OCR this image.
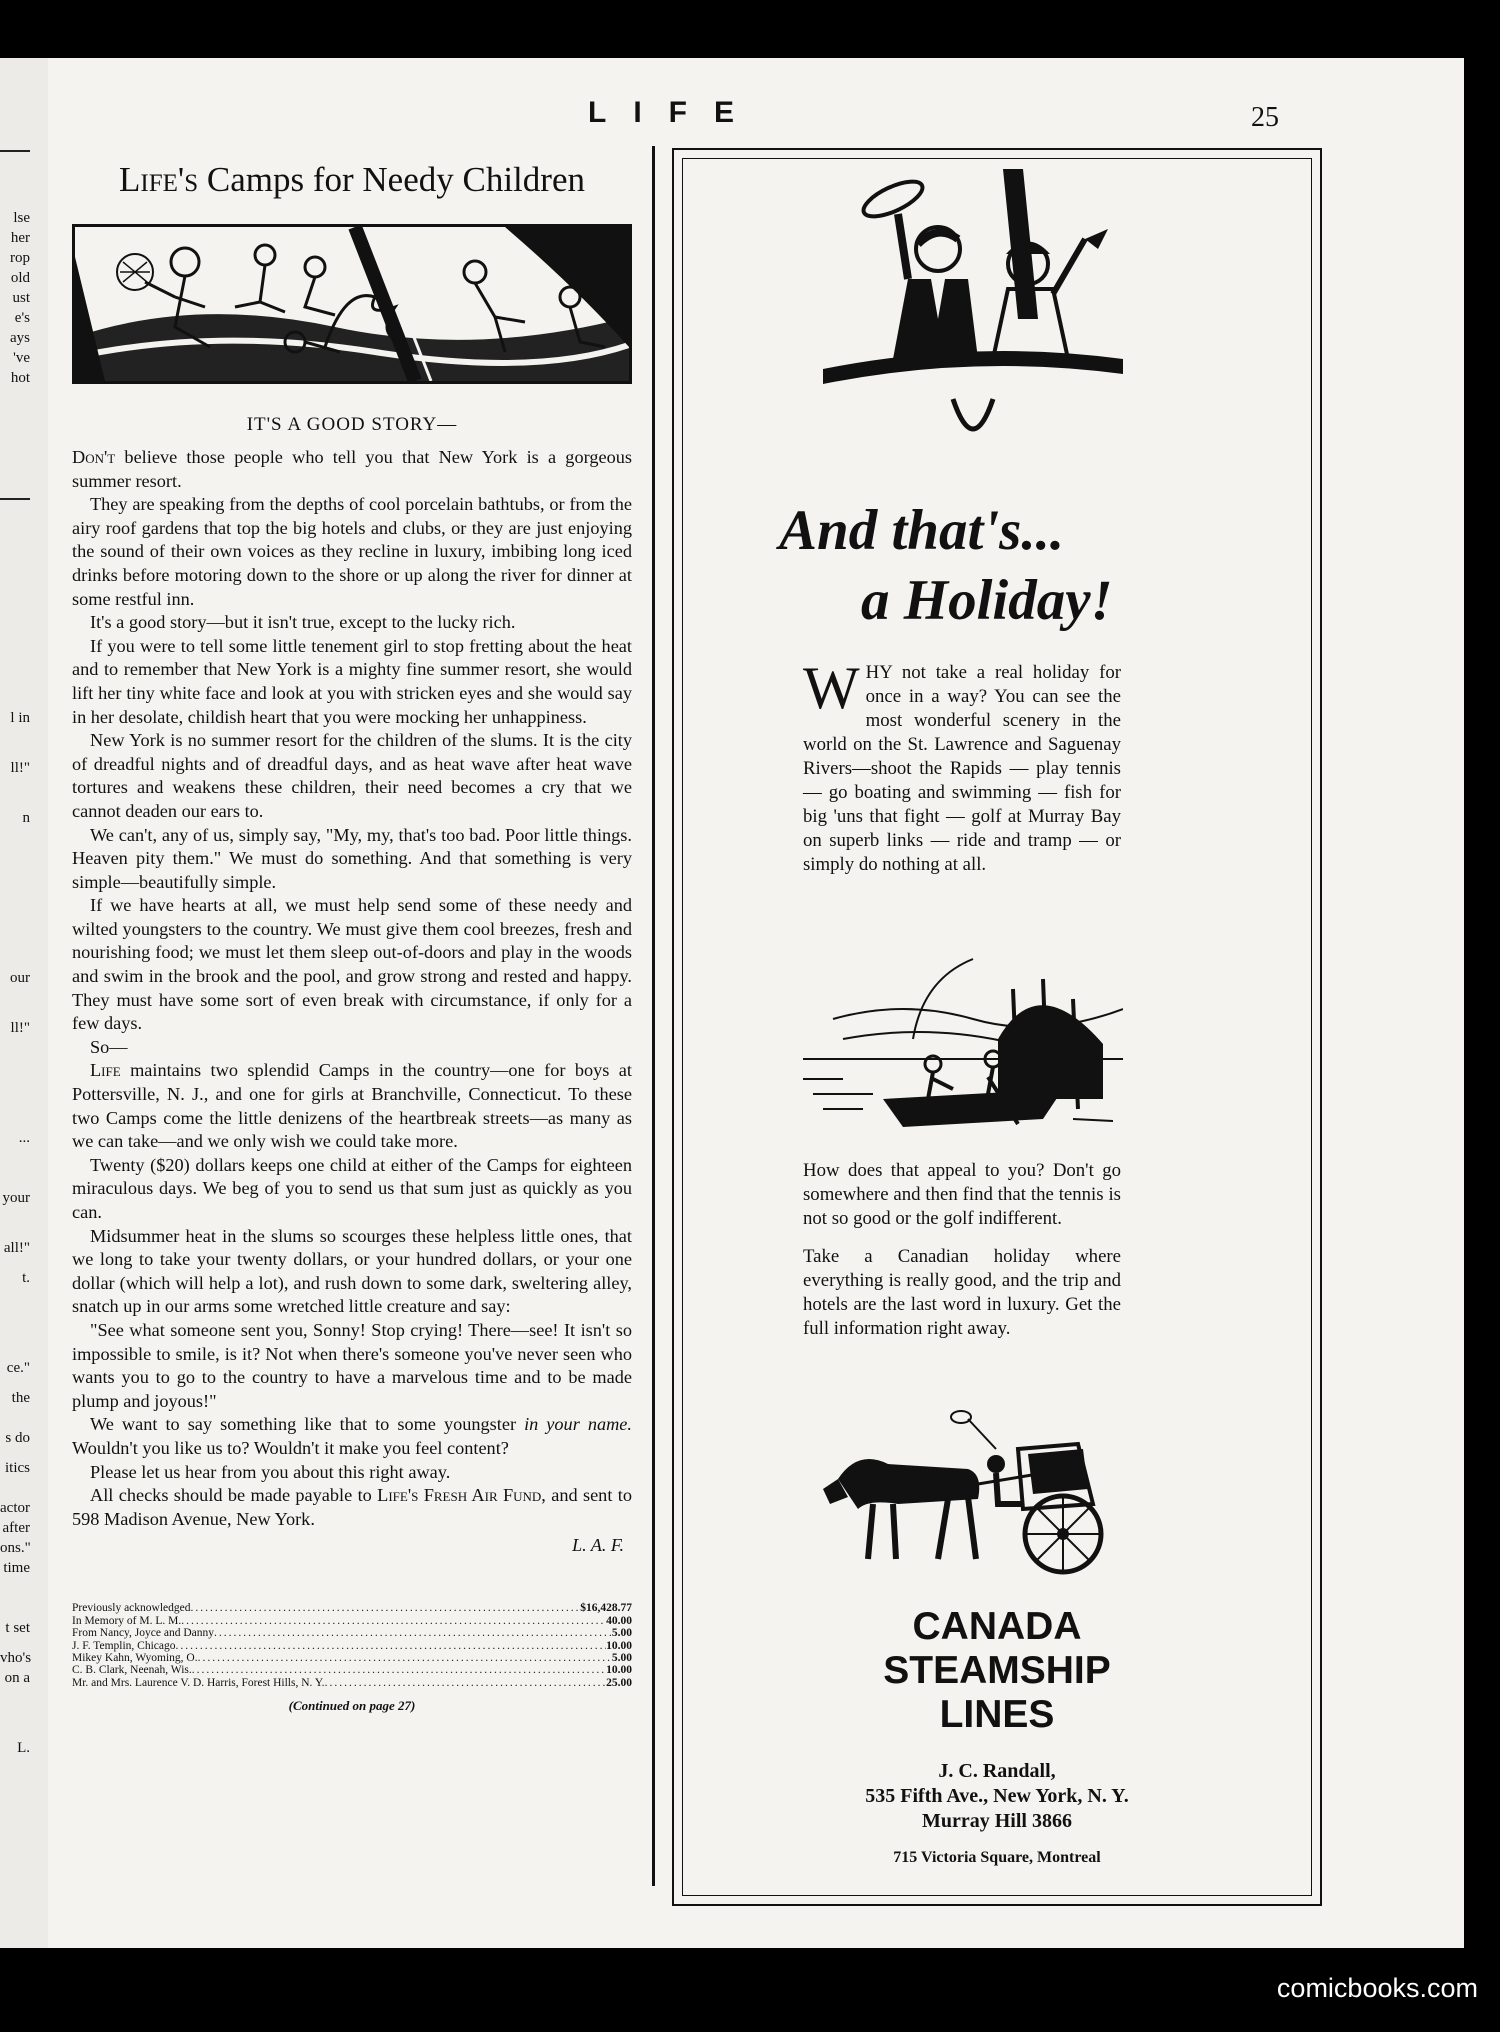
lse
her
rop
old
ust
e's
ays
've
hot
l in
ll!"
n
our
ll!"
...
your
all!"
t.
ce."
the
s do
itics
actor
after
ons."
time
t set
vho's
on a
L.
LIFE	25
Life's Camps for Needy Children
IT'S A GOOD STORY—

Don't believe those people who tell you that New York is a gorgeous summer resort.

They are speaking from the depths of cool porcelain bathtubs, or from the airy roof gardens that top the big hotels and clubs, or they are just enjoying the sound of their own voices as they recline in luxury, imbibing long iced drinks before motoring down to the shore or up along the river for dinner at some restful inn.

It's a good story—but it isn't true, except to the lucky rich.

If you were to tell some little tenement girl to stop fretting about the heat and to remember that New York is a mighty fine summer resort, she would lift her tiny white face and look at you with stricken eyes and she would say in her desolate, childish heart that you were mocking her unhappiness.

New York is no summer resort for the children of the slums. It is the city of dreadful nights and of dreadful days, and as heat wave after heat wave tortures and weakens these children, their need becomes a cry that we cannot deaden our ears to.

We can't, any of us, simply say, "My, my, that's too bad. Poor little things. Heaven pity them." We must do something. And that something is very simple—beautifully simple.

If we have hearts at all, we must help send some of these needy and wilted youngsters to the country. We must give them cool breezes, fresh and nourishing food; we must let them sleep out-of-doors and play in the woods and swim in the brook and the pool, and grow strong and rested and happy. They must have some sort of even break with circumstance, if only for a few days.

So—

Life maintains two splendid Camps in the country—one for boys at Pottersville, N. J., and one for girls at Branchville, Connecticut. To these two Camps come the little denizens of the heartbreak streets—as many as we can take—and we only wish we could take more.

Twenty ($20) dollars keeps one child at either of the Camps for eighteen miraculous days. We beg of you to send us that sum just as quickly as you can.

Midsummer heat in the slums so scourges these helpless little ones, that we long to take your twenty dollars, or your hundred dollars, or your one dollar (which will help a lot), and rush down to some dark, sweltering alley, snatch up in our arms some wretched little creature and say:

"See what someone sent you, Sonny! Stop crying! There—see! It isn't so impossible to smile, is it? Not when there's someone you've never seen who wants you to go to the country to have a marvelous time and to be made plump and joyous!"

We want to say something like that to some youngster in your name. Wouldn't you like us to? Wouldn't it make you feel content?

Please let us hear from you about this right away.

All checks should be made payable to Life's Fresh Air Fund, and sent to 598 Madison Avenue, New York.

L. A. F.
Previously acknowledged .....	$16,428.77
In Memory of M. L. M. .....	40.00
From Nancy, Joyce and Danny .....	5.00
J. F. Templin, Chicago .....	10.00
Mikey Kahn, Wyoming, O. .....	5.00
C. B. Clark, Neenah, Wis. .....	10.00
Mr. and Mrs. Laurence V. D. Harris, Forest Hills, N. Y. .....	25.00
(Continued on page 27)
And that's...
a Holiday!
WHY not take a real holiday for once in a way? You can see the most wonderful scenery in the world on the St. Lawrence and Saguenay Rivers—shoot the Rapids — play tennis — go boating and swimming — fish for big 'uns that fight — golf at Murray Bay on superb links — ride and tramp — or simply do nothing at all.

How does that appeal to you? Don't go somewhere and then find that the tennis is not so good or the golf indifferent.

Take a Canadian holiday where everything is really good, and the trip and hotels are the last word in luxury. Get the full information right away.

CANADA
STEAMSHIP
LINES
J. C. Randall,
535 Fifth Ave., New York, N. Y.
Murray Hill 3866
715 Victoria Square, Montreal
comicbooks.com
